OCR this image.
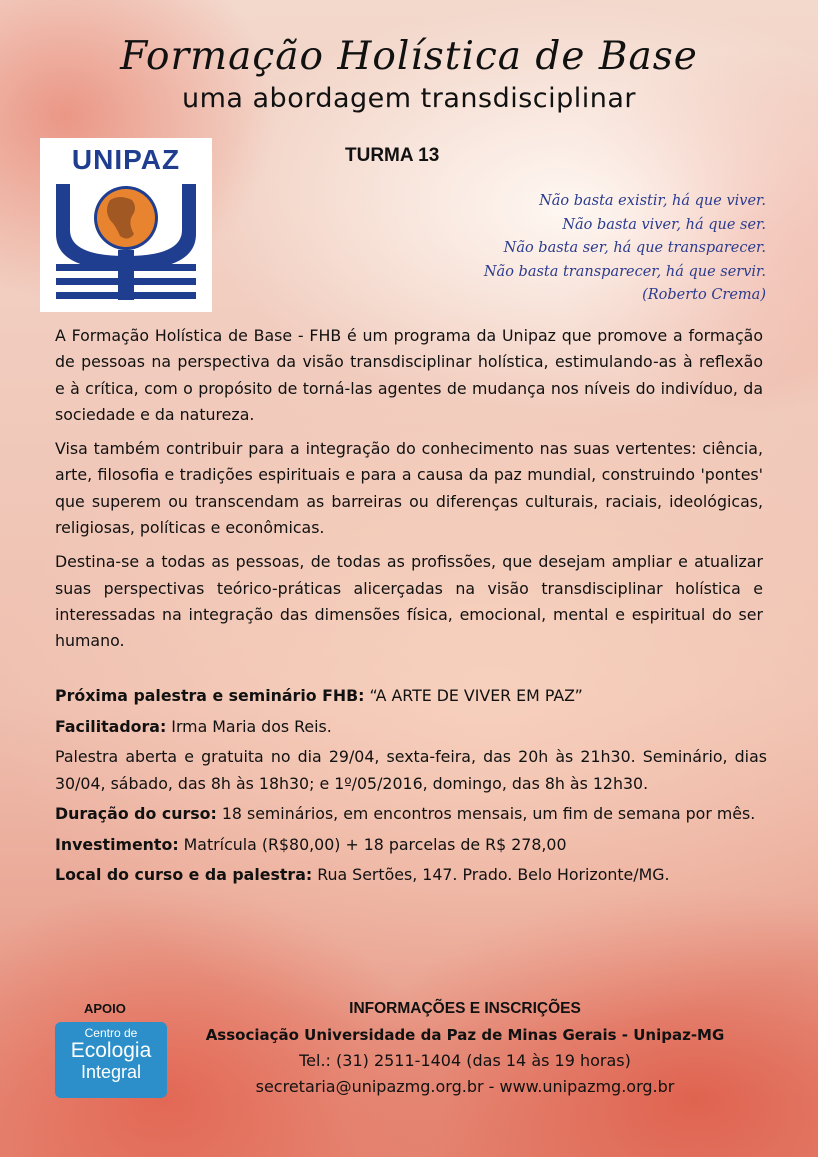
Formação Holística de Base
uma abordagem transdisciplinar
TURMA 13
UNIPAZ
Não basta existir, há que viver.
Não basta viver, há que ser.
Não basta ser, há que transparecer.
Não basta transparecer, há que servir.
(Roberto Crema)

A Formação Holística de Base - FHB é um programa da Unipaz que promove a formação de pessoas na perspectiva da visão transdisciplinar holística, estimulando-as à reflexão e à crítica, com o propósito de torná-las agentes de mudança nos níveis do indivíduo, da sociedade e da natureza.

Visa também contribuir para a integração do conhecimento nas suas vertentes: ciência, arte, filosofia e tradições espirituais e para a causa da paz mundial, construindo 'pontes' que superem ou transcendam as barreiras ou diferenças culturais, raciais, ideológicas, religiosas, políticas e econômicas.

Destina-se a todas as pessoas, de todas as profissões, que desejam ampliar e atualizar suas perspectivas teórico-práticas alicerçadas na visão transdisciplinar holística e interessadas na integração das dimensões física, emocional, mental e espiritual do ser humano.

Próxima palestra e seminário FHB: “A ARTE DE VIVER EM PAZ”
Facilitadora: Irma Maria dos Reis.
Palestra aberta e gratuita no dia 29/04, sexta-feira, das 20h às 21h30. Seminário, dias 30/04, sábado, das 8h às 18h30; e 1º/05/2016, domingo, das 8h às 12h30.
Duração do curso: 18 seminários, em encontros mensais, um fim de semana por mês.
Investimento: Matrícula (R$80,00) + 18 parcelas de R$ 278,00
Local do curso e da palestra: Rua Sertões, 147. Prado. Belo Horizonte/MG.
APOIO
Centro de
Ecologia
Integral
INFORMAÇÕES E INSCRIÇÕES
Associação Universidade da Paz de Minas Gerais - Unipaz-MG
Tel.: (31) 2511-1404 (das 14 às 19 horas)
secretaria@unipazmg.org.br - www.unipazmg.org.br
